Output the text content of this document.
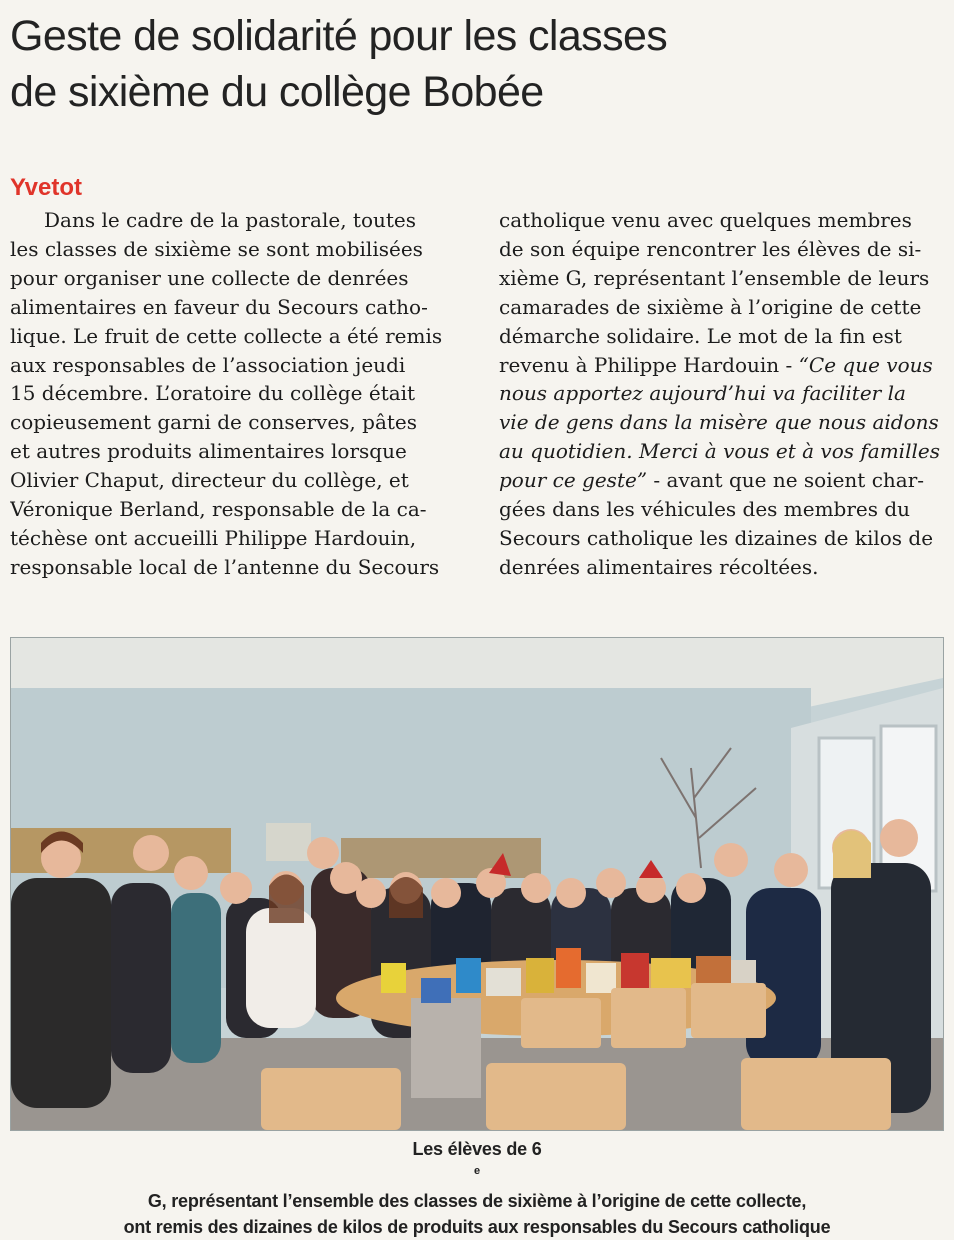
Geste de solidarité pour les classes
de sixième du collège Bobée
Yvetot
Dans le cadre de la pastorale, toutes
les classes de sixième se sont mobilisées
pour organiser une collecte de denrées
alimentaires en faveur du Secours catho-
lique. Le fruit de cette collecte a été remis
aux responsables de l’association jeudi
15 décembre. L’oratoire du collège était
copieusement garni de conserves, pâtes
et autres produits alimentaires lorsque
Olivier Chaput, directeur du collège, et
Véronique Berland, responsable de la ca-
téchèse ont accueilli Philippe Hardouin,
responsable local de l’antenne du Secours
catholique venu avec quelques membres
de son équipe rencontrer les élèves de si-
xième G, représentant l’ensemble de leurs
camarades de sixième à l’origine de cette
démarche solidaire. Le mot de la fin est
revenu à Philippe Hardouin - “Ce que vous
nous apportez aujourd’hui va faciliter la
vie de gens dans la misère que nous aidons
au quotidien. Merci à vous et à vos familles
pour ce geste” - avant que ne soient char-
gées dans les véhicules des membres du
Secours catholique les dizaines de kilos de
denrées alimentaires récoltées.
Les élèves de 6
$^e$
G, représentant l’ensemble des classes de sixième à l’origine de cette collecte,
ont remis des dizaines de kilos de produits aux responsables du Secours catholique
